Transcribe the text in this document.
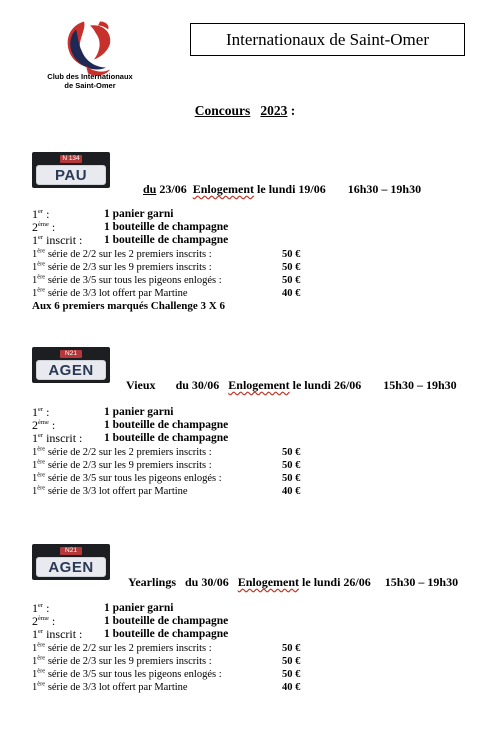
Club des Internationaux
de Saint-Omer
Internationaux de Saint-Omer
Concours 2023 :
N 134
PAU
du 23/06 Enlogement le lundi 19/06 16h30 – 19h30
1er :	1 panier garni
2ème :	1 bouteille de champagne
1er inscrit : 1 bouteille de champagne
1ère série de 2/2 sur les 2 premiers inscrits :	50 €
1ère série de 2/3 sur les 9 premiers inscrits :	50 €
1ère série de 3/5 sur tous les pigeons enlogés :	50 €
1ère série de 3/3 lot offert par Martine	40 €
Aux 6 premiers marqués Challenge 3 X 6
N21
AGEN
Vieux du 30/06 Enlogement le lundi 26/06 15h30 – 19h30
1er :	1 panier garni
2ème :	1 bouteille de champagne
1er inscrit : 1 bouteille de champagne
1ère série de 2/2 sur les 2 premiers inscrits :	50 €
1ère série de 2/3 sur les 9 premiers inscrits :	50 €
1ère série de 3/5 sur tous les pigeons enlogés :	50 €
1ère série de 3/3 lot offert par Martine	40 €
N21
AGEN
Yearlings du 30/06 Enlogement le lundi 26/06 15h30 – 19h30
1er :	1 panier garni
2ème :	1 bouteille de champagne
1er inscrit : 1 bouteille de champagne
1ère série de 2/2 sur les 2 premiers inscrits :	50 €
1ère série de 2/3 sur les 9 premiers inscrits :	50 €
1ère série de 3/5 sur tous les pigeons enlogés :	50 €
1ère série de 3/3 lot offert par Martine	40 €
